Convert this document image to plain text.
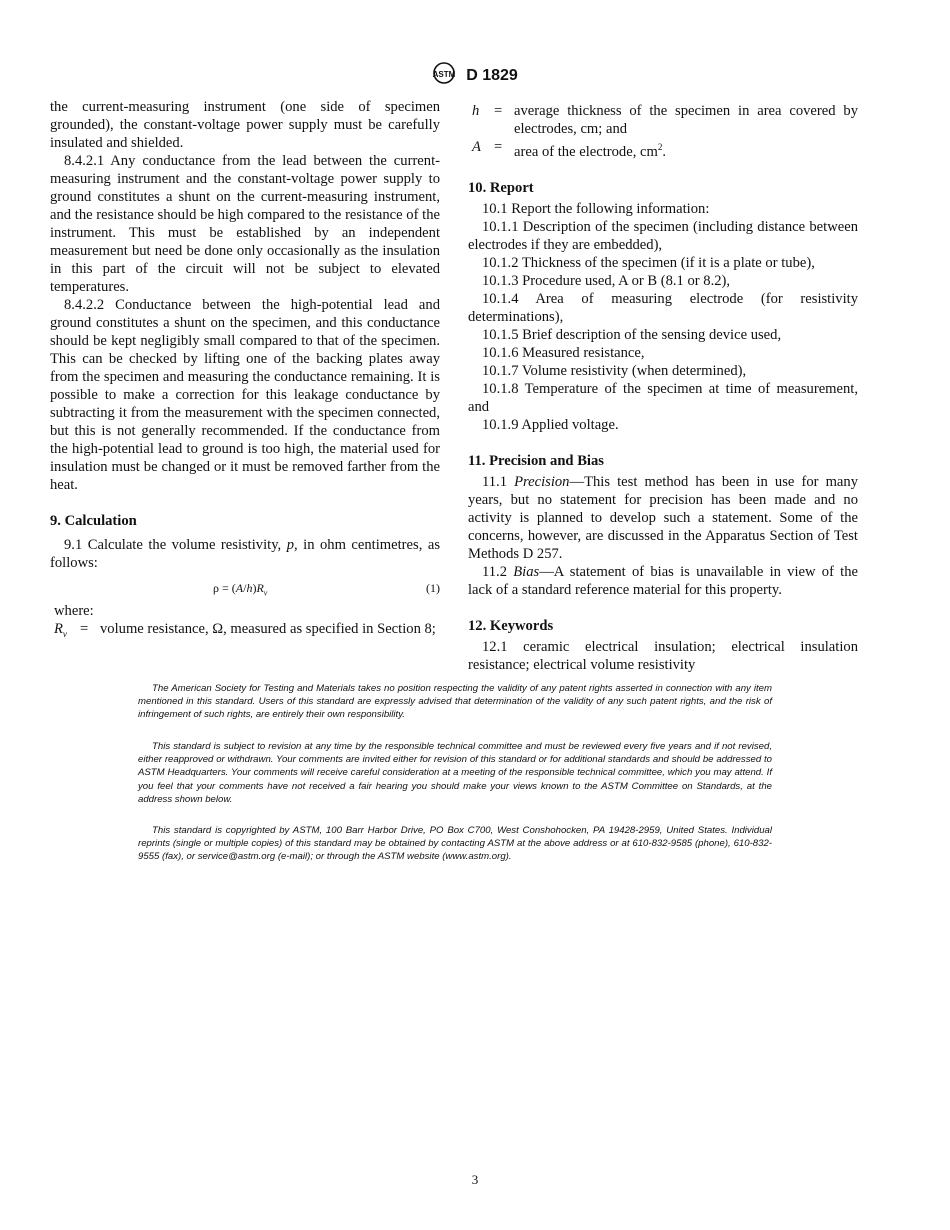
ASTM D 1829

the current-measuring instrument (one side of specimen grounded), the constant-voltage power supply must be carefully insulated and shielded.

8.4.2.1 Any conductance from the lead between the current-measuring instrument and the constant-voltage power supply to ground constitutes a shunt on the current-measuring instrument, and the resistance should be high compared to the resistance of the instrument. This must be established by an independent measurement but need be done only occasionally as the insulation in this part of the circuit will not be subject to elevated temperatures.

8.4.2.2 Conductance between the high-potential lead and ground constitutes a shunt on the specimen, and this conductance should be kept negligibly small compared to that of the specimen. This can be checked by lifting one of the backing plates away from the specimen and measuring the conductance remaining. It is possible to make a correction for this leakage conductance by subtracting it from the measurement with the specimen connected, but this is not generally recommended. If the conductance from the high-potential lead to ground is too high, the material used for insulation must be changed or it must be removed farther from the heat.

9. Calculation

9.1 Calculate the volume resistivity, p, in ohm centimetres, as follows:

$\rho = (A/h)R_v$	(1)

where:

$R_v$ = volume resistance, Ω, measured as specified in Section 8;
h	= average thickness of the specimen in area covered by electrodes, cm; and
A = area of the electrode, $cm^2$.
10. Report

10.1 Report the following information:

10.1.1 Description of the specimen (including distance between electrodes if they are embedded),

10.1.2 Thickness of the specimen (if it is a plate or tube),

10.1.3 Procedure used, A or B (8.1 or 8.2),

10.1.4 Area of measuring electrode (for resistivity determinations),

10.1.5 Brief description of the sensing device used,

10.1.6 Measured resistance,

10.1.7 Volume resistivity (when determined),

10.1.8 Temperature of the specimen at time of measurement, and

10.1.9 Applied voltage.

11. Precision and Bias

11.1 Precision—This test method has been in use for many years, but no statement for precision has been made and no activity is planned to develop such a statement. Some of the concerns, however, are discussed in the Apparatus Section of Test Methods D 257.

11.2 Bias—A statement of bias is unavailable in view of the lack of a standard reference material for this property.

12. Keywords

12.1 ceramic electrical insulation; electrical insulation resistance; electrical volume resistivity

The American Society for Testing and Materials takes no position respecting the validity of any patent rights asserted in connection with any item mentioned in this standard. Users of this standard are expressly advised that determination of the validity of any such patent rights, and the risk of infringement of such rights, are entirely their own responsibility.

This standard is subject to revision at any time by the responsible technical committee and must be reviewed every five years and if not revised, either reapproved or withdrawn. Your comments are invited either for revision of this standard or for additional standards and should be addressed to ASTM Headquarters. Your comments will receive careful consideration at a meeting of the responsible technical committee, which you may attend. If you feel that your comments have not received a fair hearing you should make your views known to the ASTM Committee on Standards, at the address shown below.

This standard is copyrighted by ASTM, 100 Barr Harbor Drive, PO Box C700, West Conshohocken, PA 19428-2959, United States. Individual reprints (single or multiple copies) of this standard may be obtained by contacting ASTM at the above address or at 610-832-9585 (phone), 610-832-9555 (fax), or service@astm.org (e-mail); or through the ASTM website (www.astm.org).

3
